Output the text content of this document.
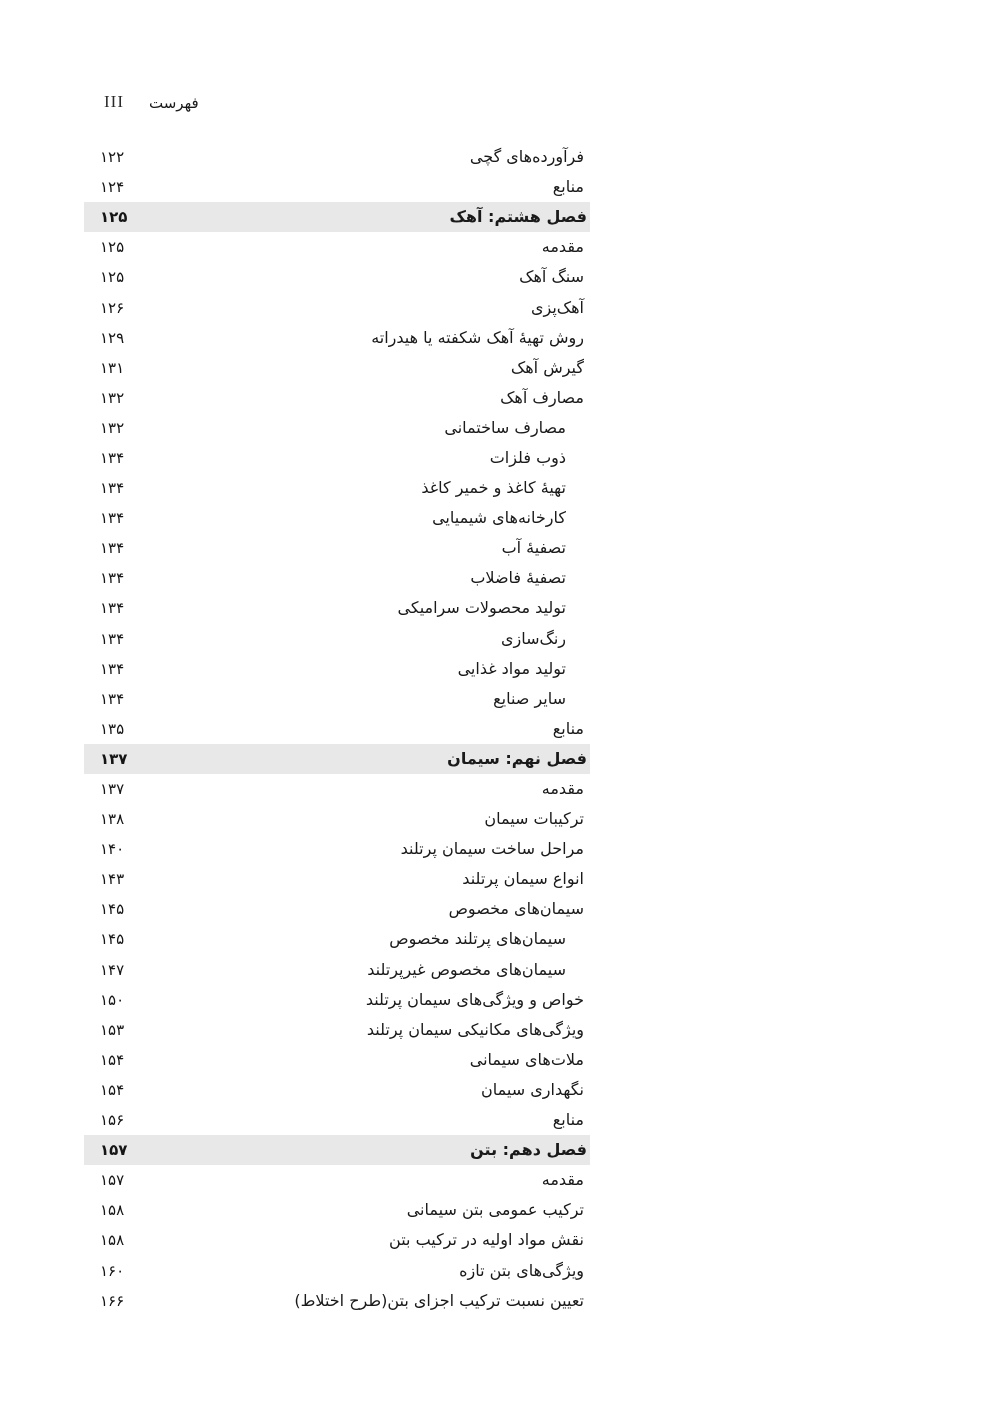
III فهرست
فرآورده‌های گچی
۱۲۲
منابع
۱۲۴
فصل هشتم: آهک
۱۲۵
مقدمه
۱۲۵
سنگ آهک
۱۲۵
آهک‌پزی
۱۲۶
روش تهیۀ آهک شکفته یا هیدراته
۱۲۹
گیرش آهک
۱۳۱
مصارف آهک
۱۳۲
مصارف ساختمانی
۱۳۲
ذوب فلزات
۱۳۴
تهیۀ کاغذ و خمیر کاغذ
۱۳۴
کارخانه‌های شیمیایی
۱۳۴
تصفیۀ آب
۱۳۴
تصفیۀ فاضلاب
۱۳۴
تولید محصولات سرامیکی
۱۳۴
رنگ‌سازی
۱۳۴
تولید مواد غذایی
۱۳۴
سایر صنایع
۱۳۴
منابع
۱۳۵
فصل نهم: سیمان
۱۳۷
مقدمه
۱۳۷
ترکیبات سیمان
۱۳۸
مراحل ساخت سیمان پرتلند
۱۴۰
انواع سیمان پرتلند
۱۴۳
سیمان‌های مخصوص
۱۴۵
سیمان‌های پرتلند مخصوص
۱۴۵
سیمان‌های مخصوص غیرپرتلند
۱۴۷
خواص و ویژگی‌های سیمان پرتلند
۱۵۰
ویژگی‌های مکانیکی سیمان پرتلند
۱۵۳
ملات‌های سیمانی
۱۵۴
نگهداری سیمان
۱۵۴
منابع
۱۵۶
فصل دهم: بتن
۱۵۷
مقدمه
۱۵۷
ترکیب عمومی بتن سیمانی
۱۵۸
نقش مواد اولیه در ترکیب بتن
۱۵۸
ویژگی‌های بتن تازه
۱۶۰
تعیین نسبت ترکیب اجزای بتن(طرح اختلاط)
۱۶۶
